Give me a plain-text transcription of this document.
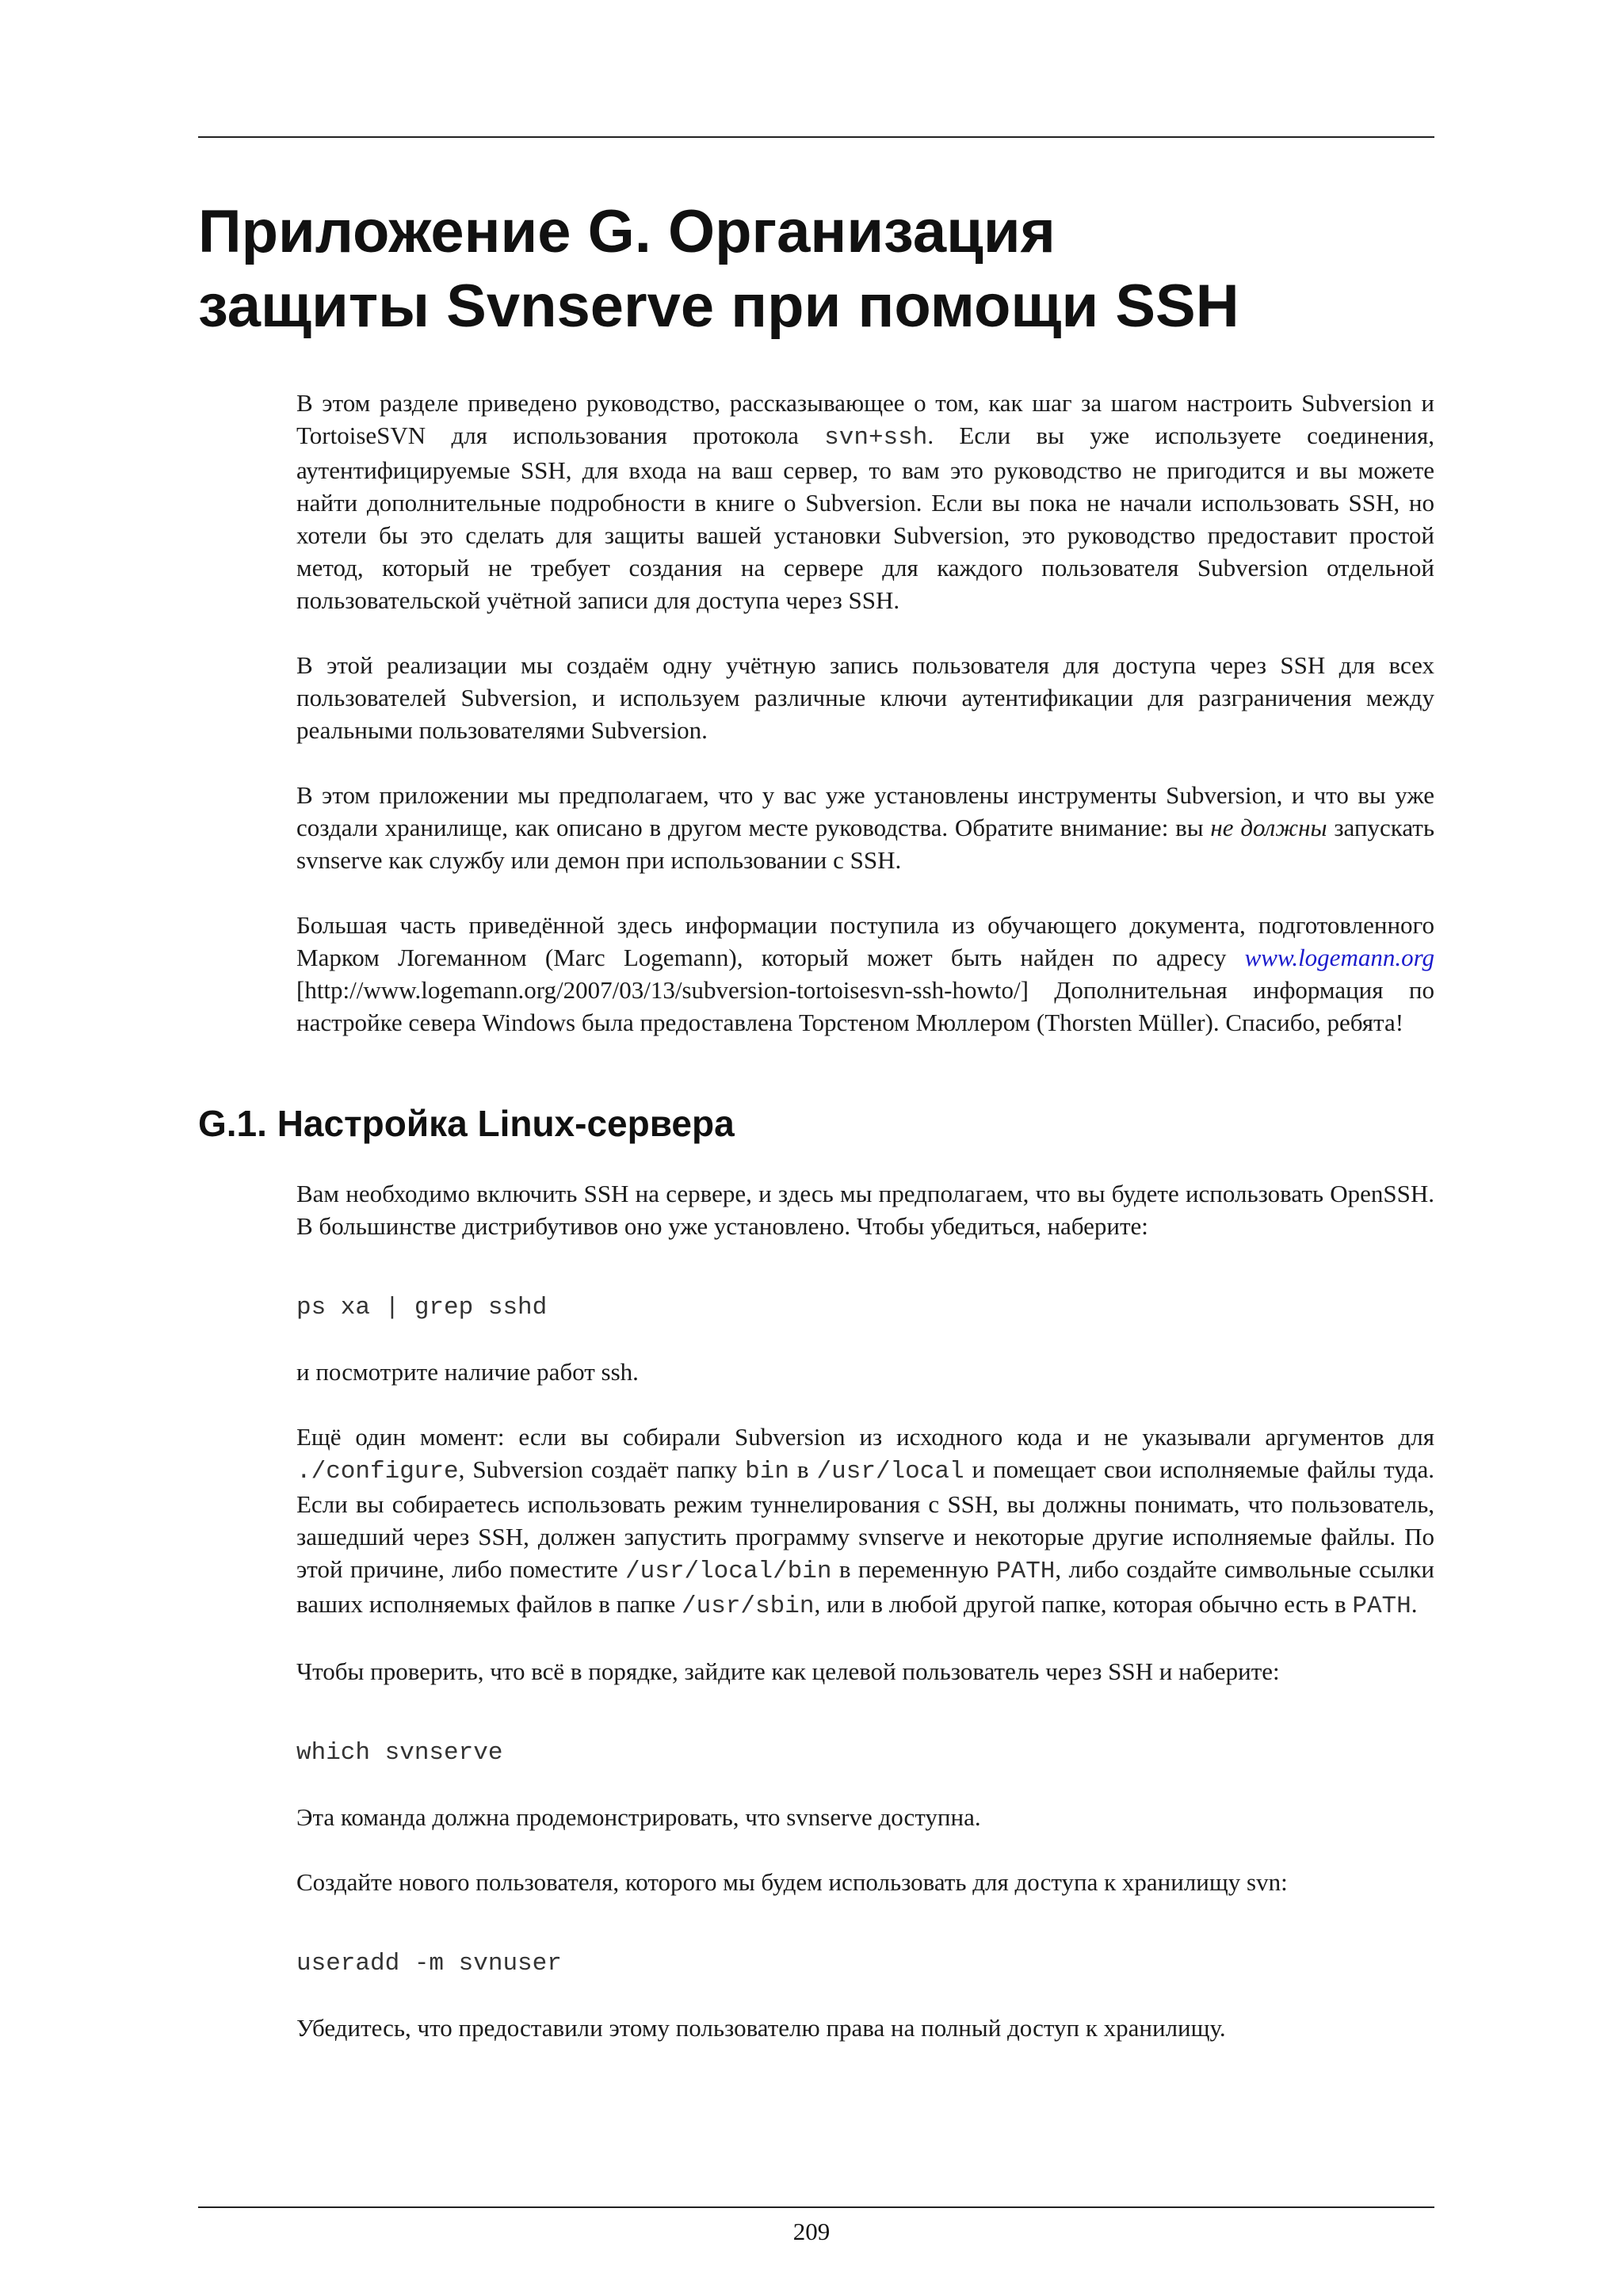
Приложение G. Организация
защиты Svnserve при помощи SSH

В этом разделе приведено руководство, рассказывающее о том, как шаг за шагом настроить Subversion и TortoiseSVN для использования протокола svn+ssh. Если вы уже используете соединения, аутентифицируемые SSH, для входа на ваш сервер, то вам это руководство не пригодится и вы можете найти дополнительные подробности в книге о Subversion. Если вы пока не начали использовать SSH, но хотели бы это сделать для защиты вашей установки Subversion, это руководство предоставит простой метод, который не требует создания на сервере для каждого пользователя Subversion отдельной пользовательской учётной записи для доступа через SSH.

В этой реализации мы создаём одну учётную запись пользователя для доступа через SSH для всех пользователей Subversion, и используем различные ключи аутентификации для разграничения между реальными пользователями Subversion.

В этом приложении мы предполагаем, что у вас уже установлены инструменты Subversion, и что вы уже создали хранилище, как описано в другом месте руководства. Обратите внимание: вы не должны запускать svnserve как службу или демон при использовании с SSH.

Большая часть приведённой здесь информации поступила из обучающего документа, подготовленного Марком Логеманном (Marc Logemann), который может быть найден по адресу www.logemann.org [http://www.logemann.org/2007/03/13/subversion-tortoisesvn-ssh-howto/] Дополнительная информация по настройке севера Windows была предоставлена Торстеном Мюллером (Thorsten Müller). Спасибо, ребята!

G.1. Настройка Linux-сервера

Вам необходимо включить SSH на сервере, и здесь мы предполагаем, что вы будете использовать OpenSSH. В большинстве дистрибутивов оно уже установлено. Чтобы убедиться, наберите:

ps xa | grep sshd

и посмотрите наличие работ ssh.

Ещё один момент: если вы собирали Subversion из исходного кода и не указывали аргументов для ./configure, Subversion создаёт папку bin в /usr/local и помещает свои исполняемые файлы туда. Если вы собираетесь использовать режим туннелирования с SSH, вы должны понимать, что пользователь, зашедший через SSH, должен запустить программу svnserve и некоторые другие исполняемые файлы. По этой причине, либо поместите /usr/local/bin в переменную PATH, либо создайте символьные ссылки ваших исполняемых файлов в папке /usr/sbin, или в любой другой папке, которая обычно есть в PATH.

Чтобы проверить, что всё в порядке, зайдите как целевой пользователь через SSH и наберите:

which svnserve

Эта команда должна продемонстрировать, что svnserve доступна.

Создайте нового пользователя, которого мы будем использовать для доступа к хранилищу svn:

useradd -m svnuser

Убедитесь, что предоставили этому пользователю права на полный доступ к хранилищу.

209
